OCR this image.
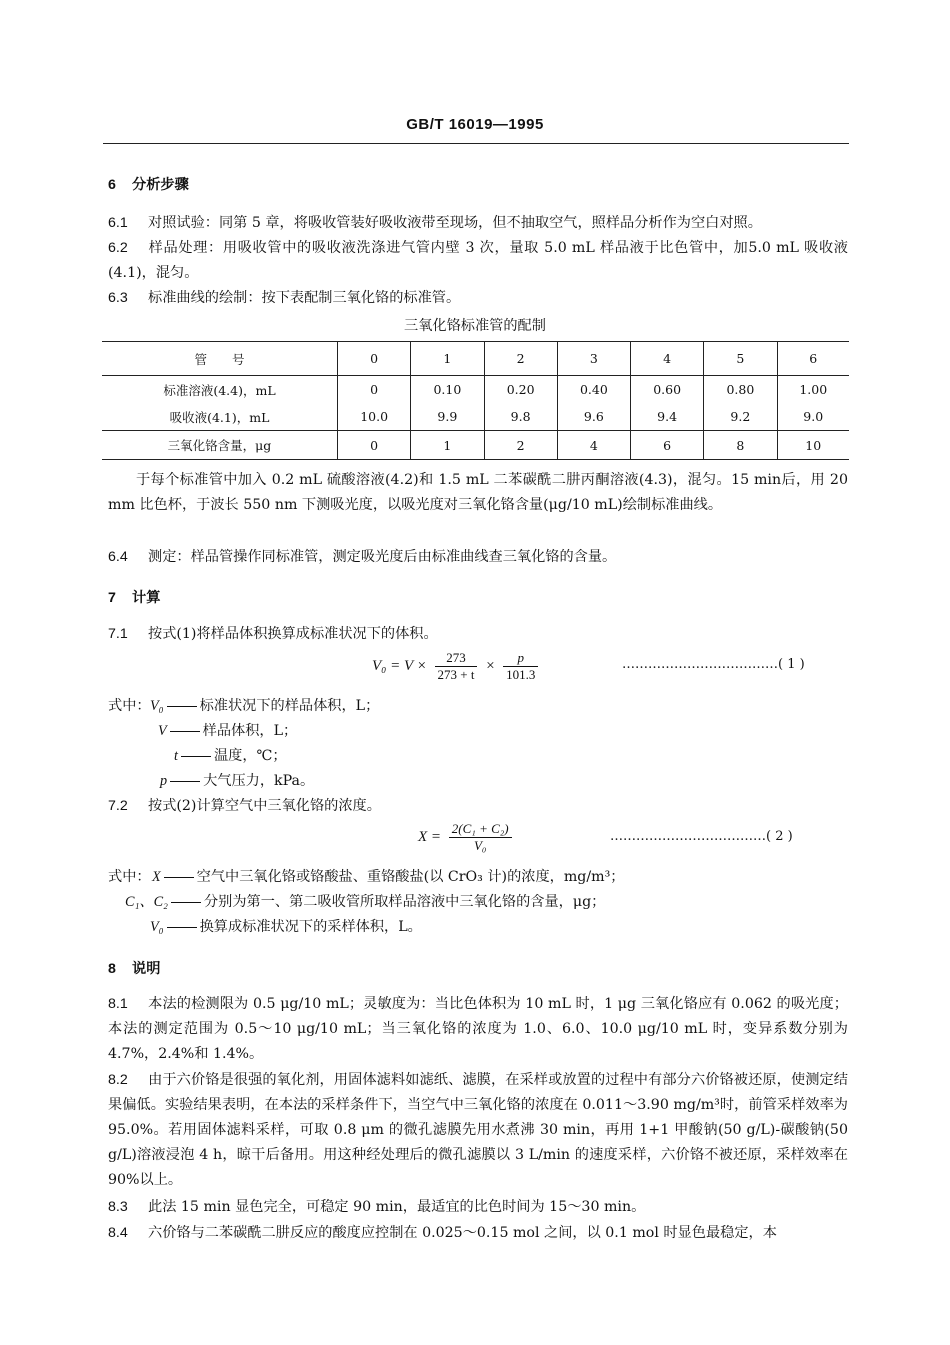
GB/T 16019—1995
6 分析步骤

6.1 对照试验：同第 5 章，将吸收管装好吸收液带至现场，但不抽取空气，照样品分析作为空白对照。

6.2 样品处理：用吸收管中的吸收液洗涤进气管内壁 3 次，量取 5.0 mL 样品液于比色管中，加5.0 mL 吸收液(4.1)，混匀。

6.3 标准曲线的绘制：按下表配制三氧化铬的标准管。

三氧化铬标准管的配制
管　　号	0	1	2	3	4	5	6
标准溶液(4.4)，mL	0	0.10	0.20	0.40	0.60	0.80	1.00
吸收液(4.1)，mL	10.0	9.9	9.8	9.6	9.4	9.2	9.0
三氧化铬含量，μg	0	1	2	4	6	8	10

于每个标准管中加入 0.2 mL 硫酸溶液(4.2)和 1.5 mL 二苯碳酰二肼丙酮溶液(4.3)，混匀。15 min后，用 20 mm 比色杯，于波长 550 nm 下测吸光度，以吸光度对三氧化铬含量(μg/10 mL)绘制标准曲线。

6.4 测定：样品管操作同标准管，测定吸光度后由标准曲线查三氧化铬的含量。

7 计算

7.1 按式(1)将样品体积换算成标准状况下的体积。

$V_0 = V \times \frac{273}{273 + t} \times \frac{p}{101.3}$	………………………………( 1 )
式中： V₀	标准状况下的样品体积，L；
V	样品体积，L；
t	温度，℃；
p	大气压力，kPa。

7.2 按式(2)计算空气中三氧化铬的浓度。

$X = \frac{\text{2(C₁ + C₂)}}{\text{V₀}}$	………………………………( 2 )
式中： X	空气中三氧化铬或铬酸盐、重铬酸盐(以 CrO₃ 计)的浓度，mg/m³；
C₁、C₂	分别为第一、第二吸收管所取样品溶液中三氧化铬的含量，μg；
V₀	换算成标准状况下的采样体积，L。
8 说明

8.1 本法的检测限为 0.5 μg/10 mL；灵敏度为：当比色体积为 10 mL 时，1 μg 三氧化铬应有 0.062 的吸光度；本法的测定范围为 0.5～10 μg/10 mL；当三氧化铬的浓度为 1.0、6.0、10.0 μg/10 mL 时，变异系数分别为 4.7%，2.4%和 1.4%。

8.2 由于六价铬是很强的氧化剂，用固体滤料如滤纸、滤膜，在采样或放置的过程中有部分六价铬被还原，使测定结果偏低。实验结果表明，在本法的采样条件下，当空气中三氧化铬的浓度在 0.011～3.90 mg/m³时，前管采样效率为 95.0%。若用固体滤料采样，可取 0.8 μm 的微孔滤膜先用水煮沸 30 min，再用 1+1 甲酸钠(50 g/L)-碳酸钠(50 g/L)溶液浸泡 4 h，晾干后备用。用这种经处理后的微孔滤膜以 3 L/min 的速度采样，六价铬不被还原，采样效率在 90%以上。

8.3 此法 15 min 显色完全，可稳定 90 min，最适宜的比色时间为 15～30 min。

8.4 六价铬与二苯碳酰二肼反应的酸度应控制在 0.025～0.15 mol 之间，以 0.1 mol 时显色最稳定，本
